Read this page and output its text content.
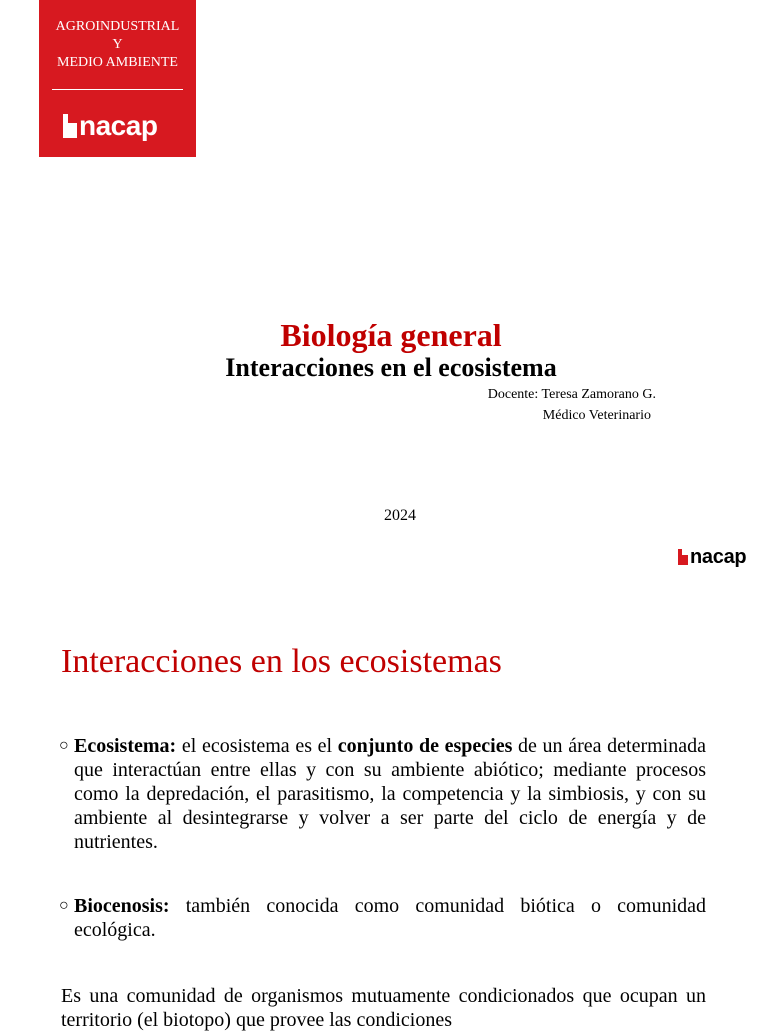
AGROINDUSTRIAL
Y
MEDIO AMBIENTE
nacap
Biología general
Interacciones en el ecosistema
Docente: Teresa Zamorano G.
Médico Veterinario
2024
nacap
Interacciones en los ecosistemas
○ Ecosistema: el ecosistema es el conjunto de especies de un área determinada que interactúan entre ellas y con su ambiente abiótico; mediante procesos como la depredación, el parasitismo, la competencia y la simbiosis, y con su ambiente al desintegrarse y volver a ser parte del ciclo de energía y de nutrientes.
○ Biocenosis: también conocida como comunidad biótica o comunidad ecológica.
Es una comunidad de organismos mutuamente condicionados que ocupan un territorio (el biotopo) que provee las condiciones
